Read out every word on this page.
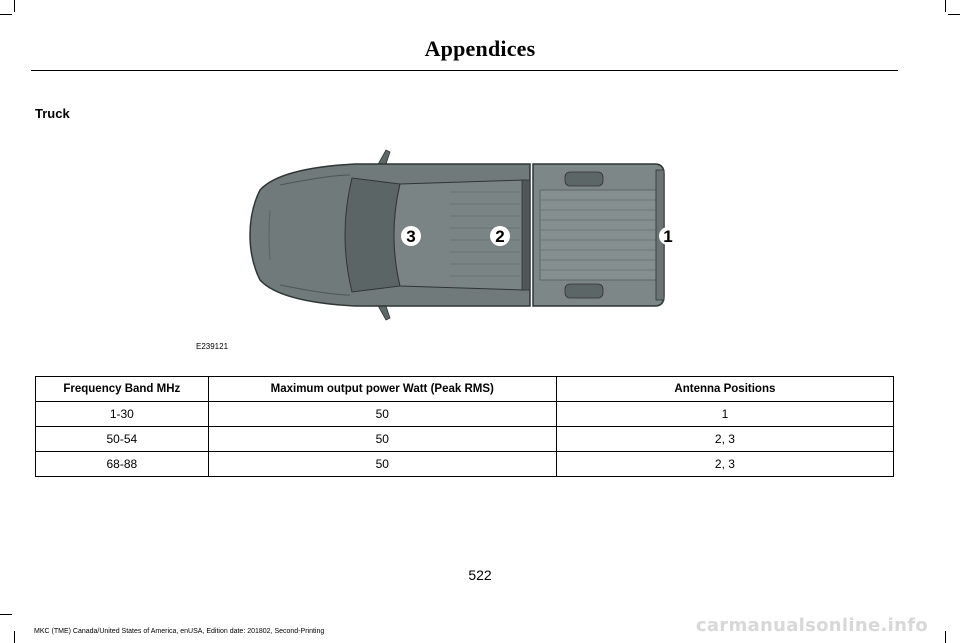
Appendices
Truck
3	2	1
E239121
Frequency Band MHz	Maximum output power Watt (Peak RMS)	Antenna Positions
1-30	50	1
50-54	50	2, 3
68-88	50	2, 3
522
MKC (TME) Canada/United States of America, enUSA, Edition date: 201802, Second-Printing	carmanualsonline.info
